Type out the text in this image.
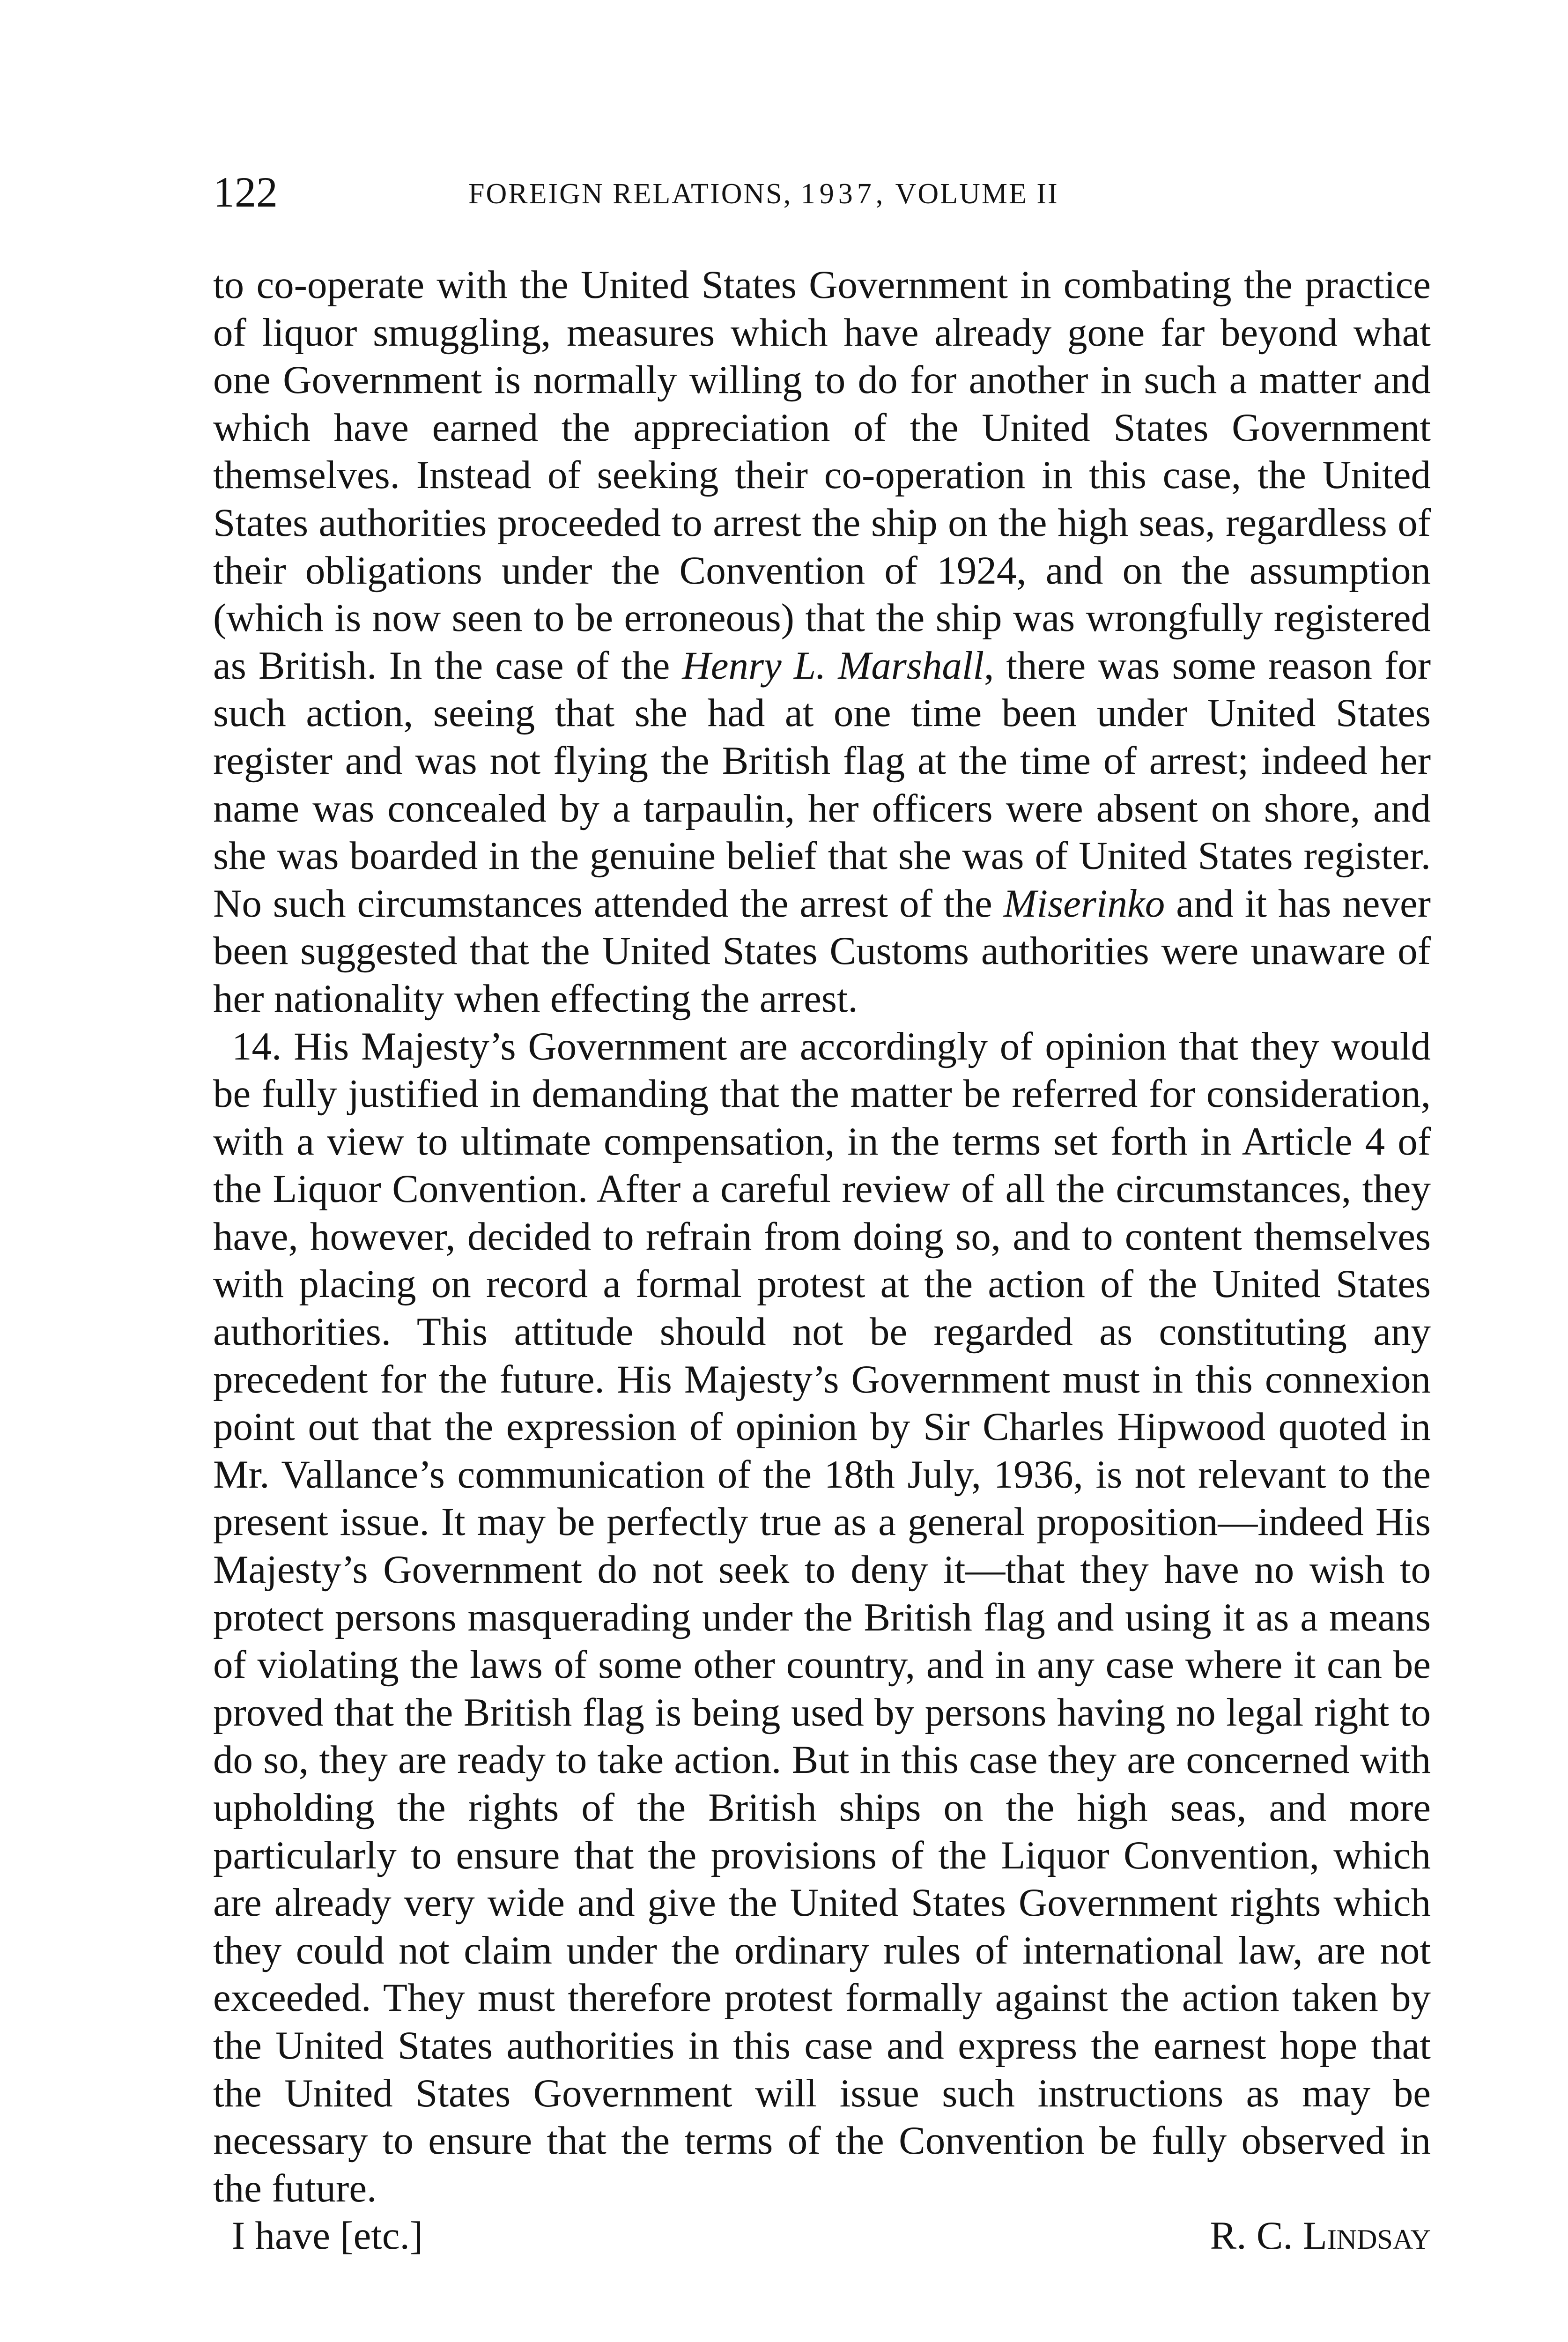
122	FOREIGN RELATIONS, 1937, VOLUME II

to co-operate with the United States Government in combating the practice of liquor smuggling, measures which have already gone far beyond what one Government is normally willing to do for another in such a matter and which have earned the appreciation of the United States Government themselves. Instead of seeking their co-operation in this case, the United States authorities proceeded to arrest the ship on the high seas, regardless of their obligations under the Convention of 1924, and on the assumption (which is now seen to be erroneous) that the ship was wrongfully registered as British. In the case of the Henry L. Marshall, there was some reason for such action, seeing that she had at one time been under United States register and was not flying the British flag at the time of arrest; indeed her name was concealed by a tarpaulin, her officers were absent on shore, and she was boarded in the genuine belief that she was of United States register. No such circumstances attended the arrest of the Miserinko and it has never been suggested that the United States Customs authorities were unaware of her nationality when effecting the arrest.

14. His Majesty’s Government are accordingly of opinion that they would be fully justified in demanding that the matter be referred for consideration, with a view to ultimate compensation, in the terms set forth in Article 4 of the Liquor Convention. After a careful review of all the circumstances, they have, however, decided to refrain from doing so, and to content themselves with placing on record a formal protest at the action of the United States authorities. This attitude should not be regarded as constituting any precedent for the future. His Majesty’s Government must in this connexion point out that the expression of opinion by Sir Charles Hipwood quoted in Mr. Vallance’s communication of the 18th July, 1936, is not relevant to the present issue. It may be perfectly true as a general proposition—indeed His Majesty’s Government do not seek to deny it—that they have no wish to protect persons masquerading under the British flag and using it as a means of violating the laws of some other country, and in any case where it can be proved that the British flag is being used by persons having no legal right to do so, they are ready to take action. But in this case they are concerned with upholding the rights of the British ships on the high seas, and more particularly to ensure that the provisions of the Liquor Convention, which are already very wide and give the United States Government rights which they could not claim under the ordinary rules of international law, are not exceeded. They must therefore protest formally against the action taken by the United States authorities in this case and express the earnest hope that the United States Government will issue such instructions as may be necessary to ensure that the terms of the Convention be fully observed in the future.

I have [etc.]	R. C. Lindsay
